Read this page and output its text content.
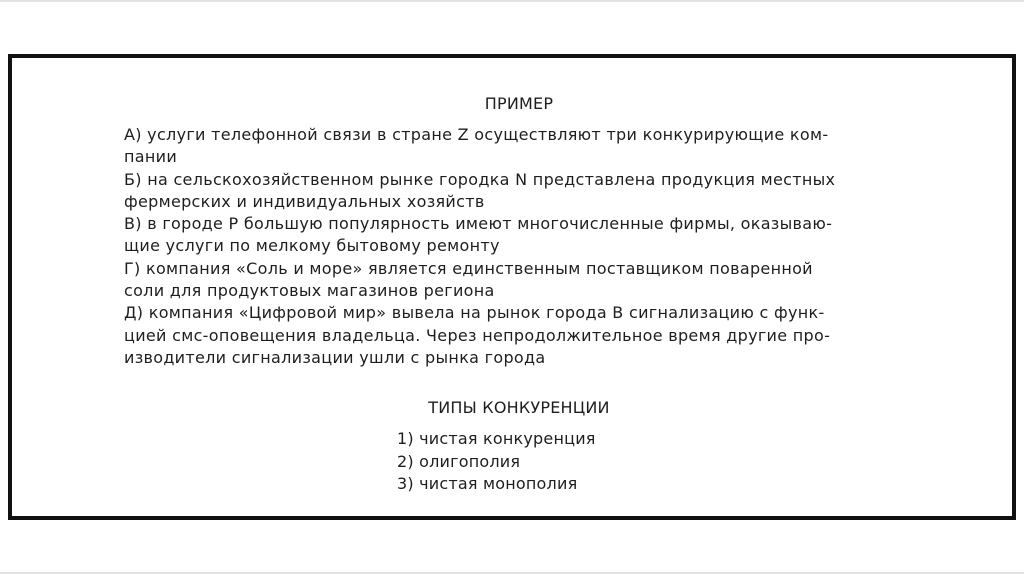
ПРИМЕР
А) услуги телефонной связи в стране Z осуществляют три конкурирующие ком-
пании
Б) на сельскохозяйственном рынке городка N представлена продукция местных
фермерских и индивидуальных хозяйств
В) в городе Р большую популярность имеют многочисленные фирмы, оказываю-
щие услуги по мелкому бытовому ремонту
Г) компания «Соль и море» является единственным поставщиком поваренной
соли для продуктовых магазинов региона
Д) компания «Цифровой мир» вывела на рынок города В сигнализацию с функ-
цией смс-оповещения владельца. Через непродолжительное время другие про-
изводители сигнализации ушли с рынка города
ТИПЫ КОНКУРЕНЦИИ
1) чистая конкуренция
2) олигополия
3) чистая монополия
